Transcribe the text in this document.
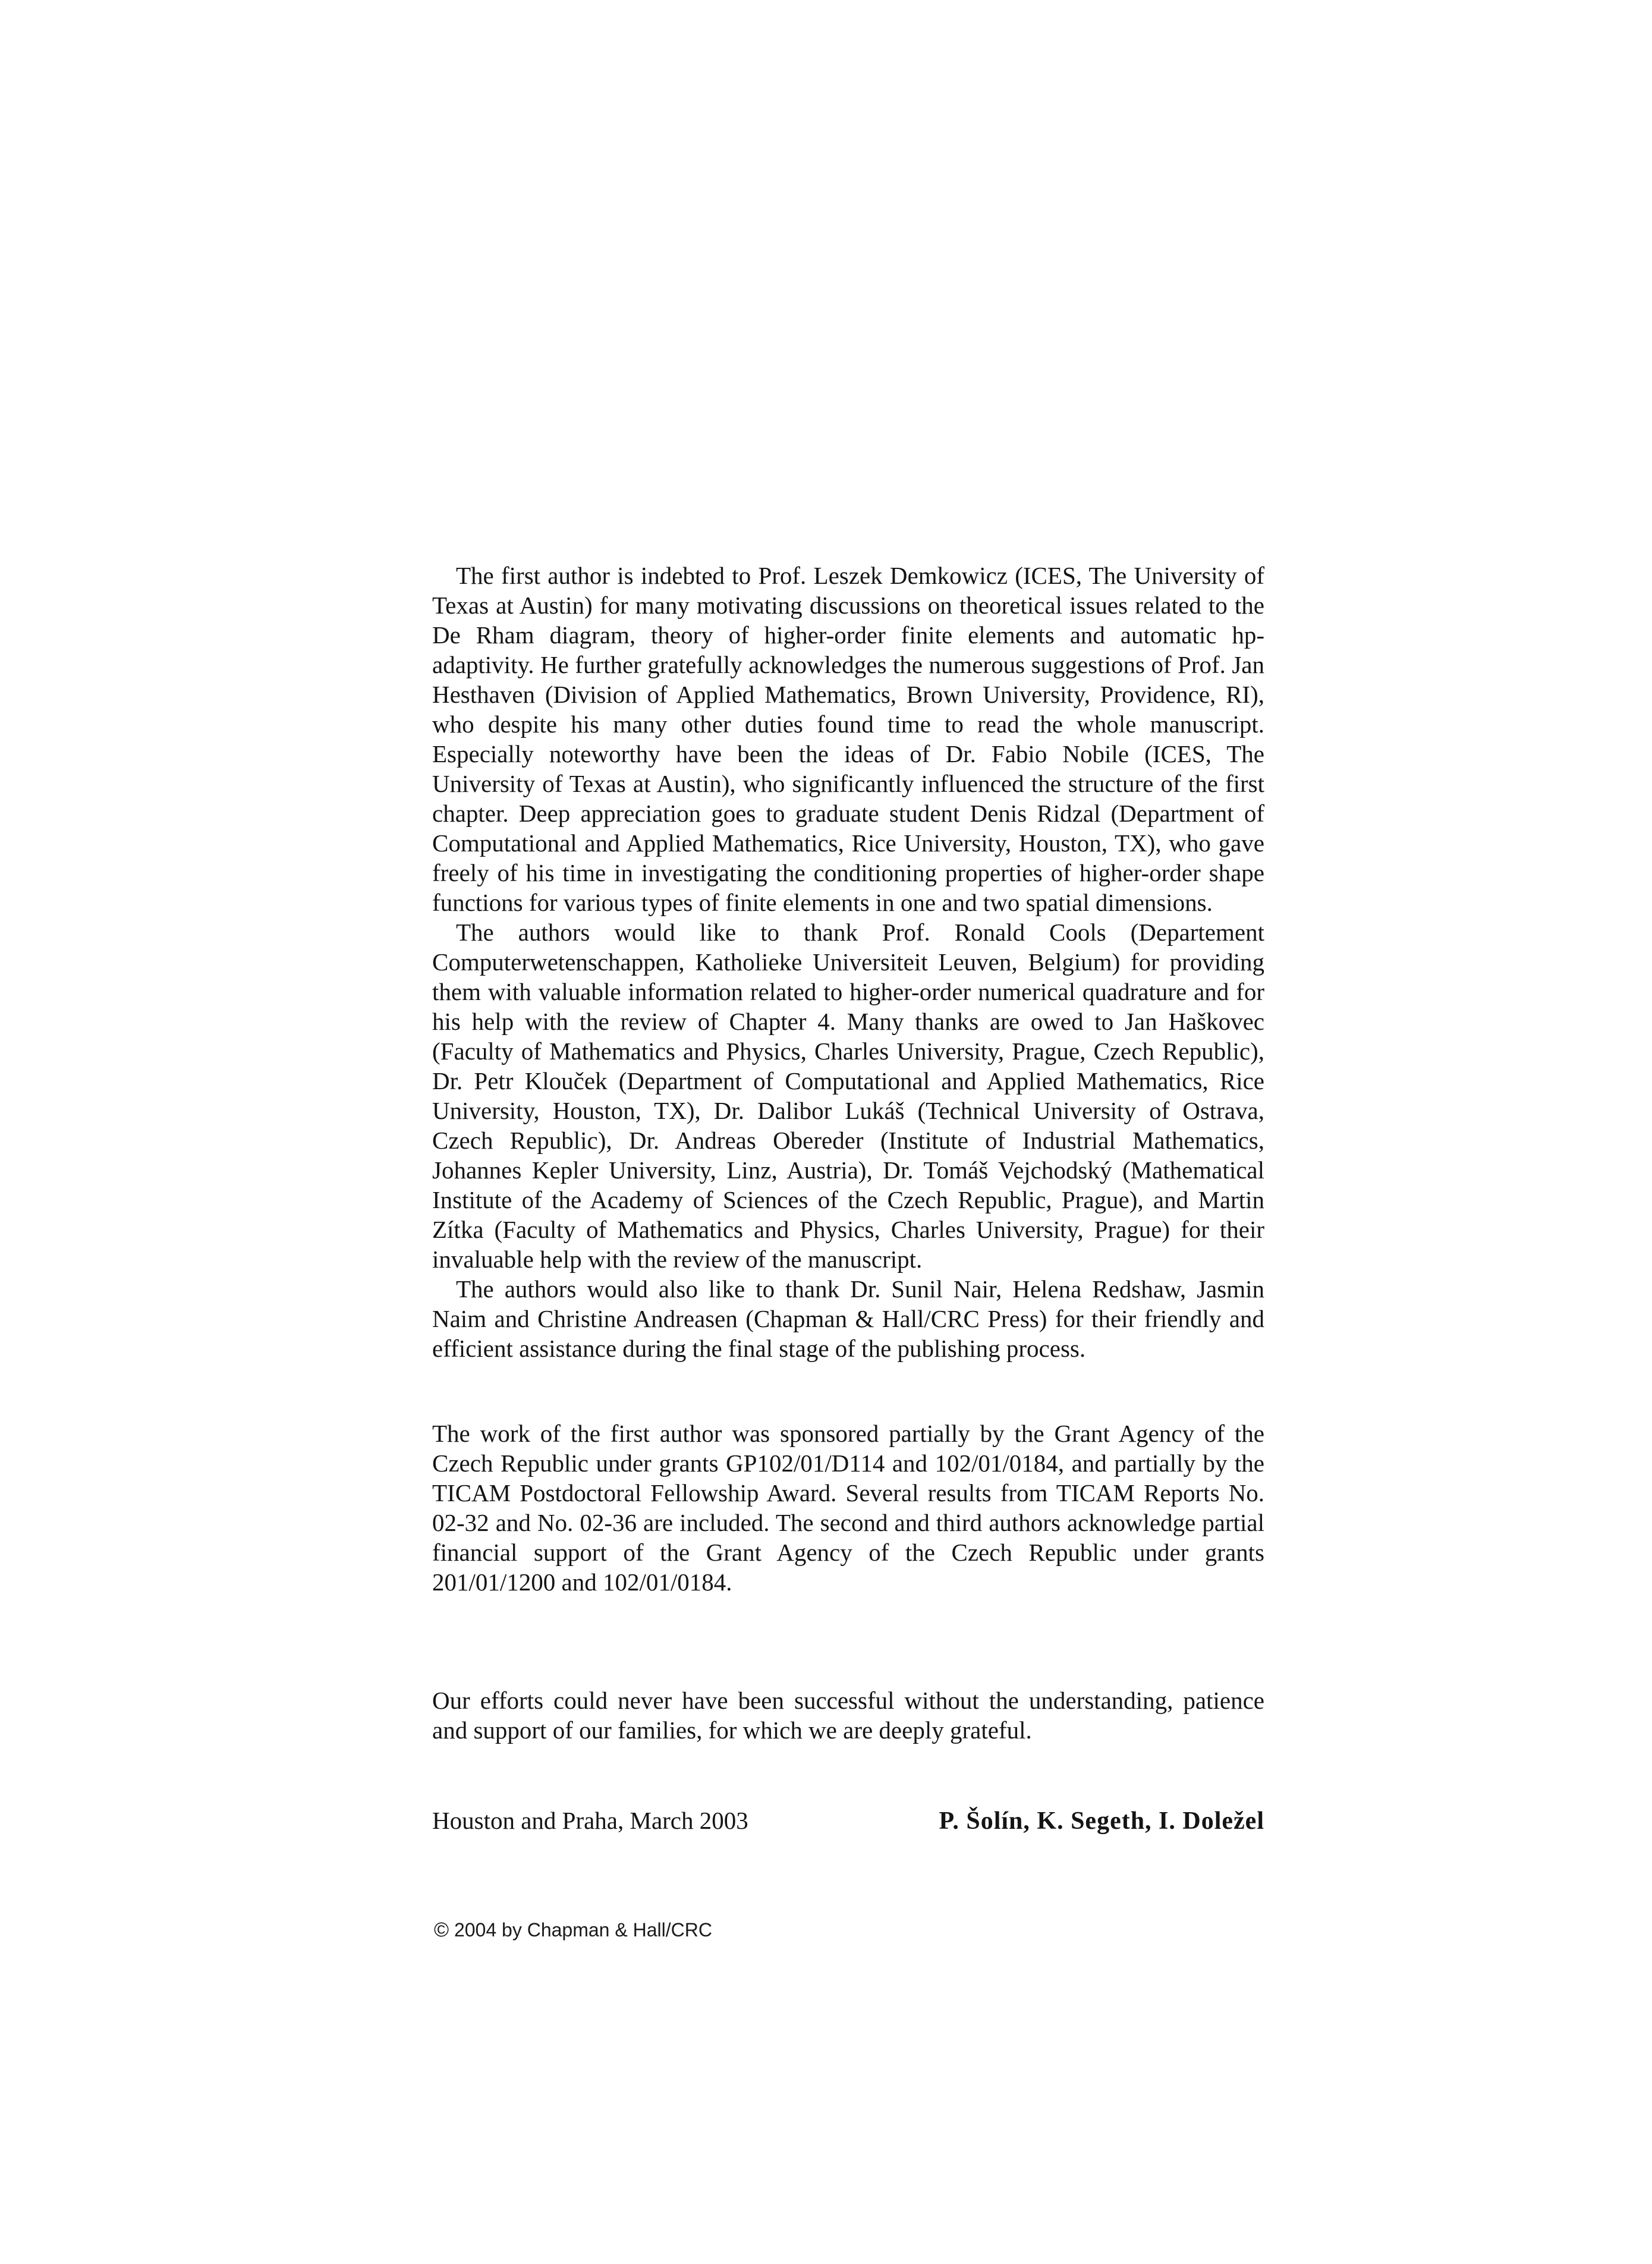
The first author is indebted to Prof. Leszek Demkowicz (ICES, The University of Texas at Austin) for many motivating discussions on theoretical issues related to the De Rham diagram, theory of higher-order finite elements and automatic hp-adaptivity. He further gratefully acknowledges the numerous suggestions of Prof. Jan Hesthaven (Division of Applied Mathematics, Brown University, Providence, RI), who despite his many other duties found time to read the whole manuscript. Especially noteworthy have been the ideas of Dr. Fabio Nobile (ICES, The University of Texas at Austin), who significantly influenced the structure of the first chapter. Deep appreciation goes to graduate student Denis Ridzal (Department of Computational and Applied Mathematics, Rice University, Houston, TX), who gave freely of his time in investigating the conditioning properties of higher-order shape functions for various types of finite elements in one and two spatial dimensions.

The authors would like to thank Prof. Ronald Cools (Departement Computerwetenschappen, Katholieke Universiteit Leuven, Belgium) for providing them with valuable information related to higher-order numerical quadrature and for his help with the review of Chapter 4. Many thanks are owed to Jan Haškovec (Faculty of Mathematics and Physics, Charles University, Prague, Czech Republic), Dr. Petr Klouček (Department of Computational and Applied Mathematics, Rice University, Houston, TX), Dr. Dalibor Lukáš (Technical University of Ostrava, Czech Republic), Dr. Andreas Obereder (Institute of Industrial Mathematics, Johannes Kepler University, Linz, Austria), Dr. Tomáš Vejchodský (Mathematical Institute of the Academy of Sciences of the Czech Republic, Prague), and Martin Zítka (Faculty of Mathematics and Physics, Charles University, Prague) for their invaluable help with the review of the manuscript.

The authors would also like to thank Dr. Sunil Nair, Helena Redshaw, Jasmin Naim and Christine Andreasen (Chapman & Hall/CRC Press) for their friendly and efficient assistance during the final stage of the publishing process.

The work of the first author was sponsored partially by the Grant Agency of the Czech Republic under grants GP102/01/D114 and 102/01/0184, and partially by the TICAM Postdoctoral Fellowship Award. Several results from TICAM Reports No. 02-32 and No. 02-36 are included. The second and third authors acknowledge partial financial support of the Grant Agency of the Czech Republic under grants 201/01/1200 and 102/01/0184.

Our efforts could never have been successful without the understanding, patience and support of our families, for which we are deeply grateful.

Houston and Praha, March 2003	P. Šolín, K. Segeth, I. Doležel
© 2004 by Chapman & Hall/CRC
